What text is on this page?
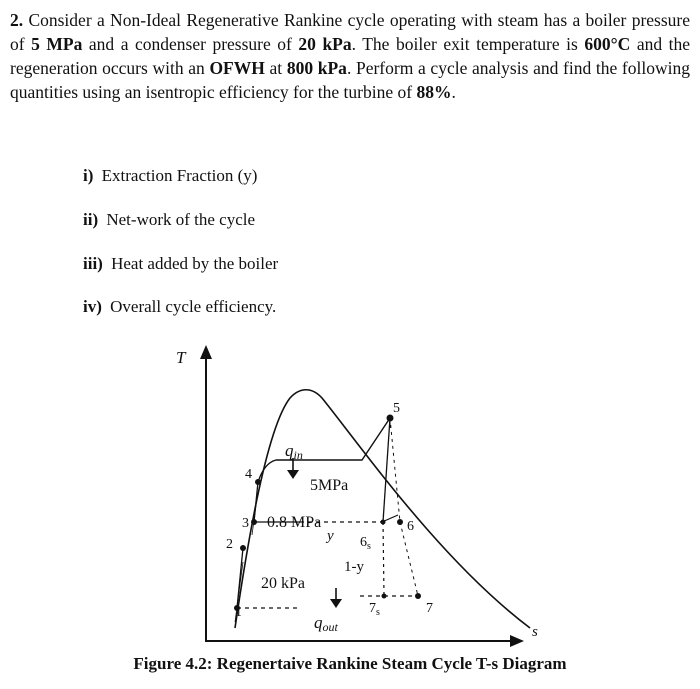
2. Consider a Non-Ideal Regenerative Rankine cycle operating with steam has a boiler pressure of 5 MPa and a condenser pressure of 20 kPa. The boiler exit temperature is 600°C and the regeneration occurs with an OFWH at 800 kPa. Perform a cycle analysis and find the following quantities using an isentropic efficiency for the turbine of 88%.
i) Extraction Fraction (y)
ii) Net-work of the cycle
iii) Heat added by the boiler
iv) Overall cycle efficiency.
T
s
qin
5MPa
0.8 MPa
20 kPa
y
1-y
qout
1
2
3
4
5
6
$6_s$
7
$7_s$
Figure 4.2: Regenertaive Rankine Steam Cycle T-s Diagram
